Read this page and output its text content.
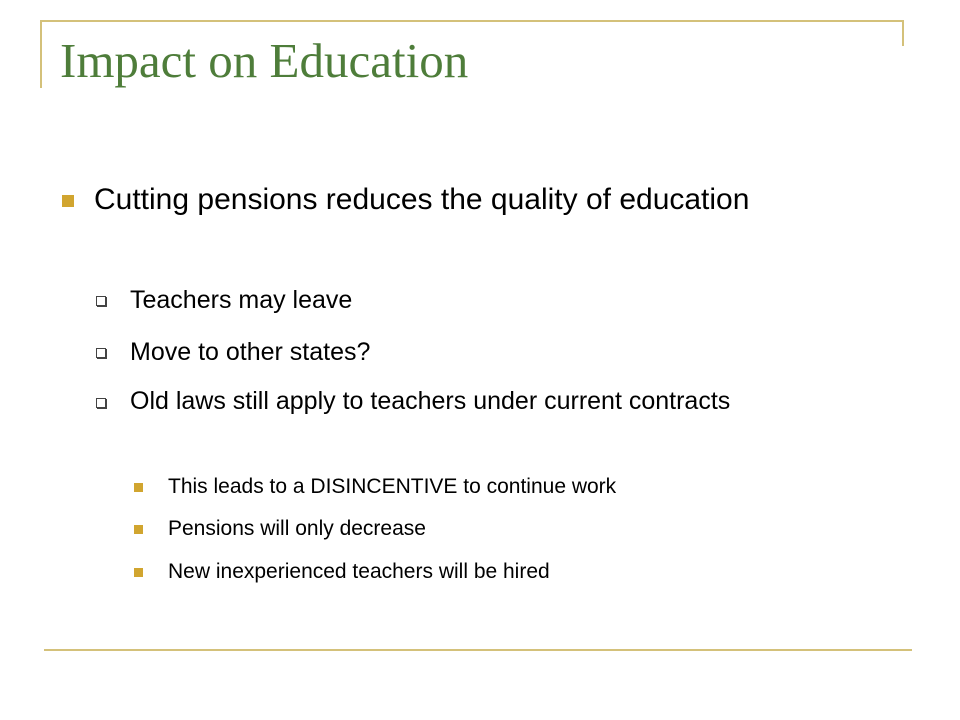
Impact on Education
Cutting pensions reduces the quality of education
Teachers may leave
Move to other states?
Old laws still apply to teachers under current contracts
This leads to a DISINCENTIVE to continue work
Pensions will only decrease
New inexperienced teachers will be hired
